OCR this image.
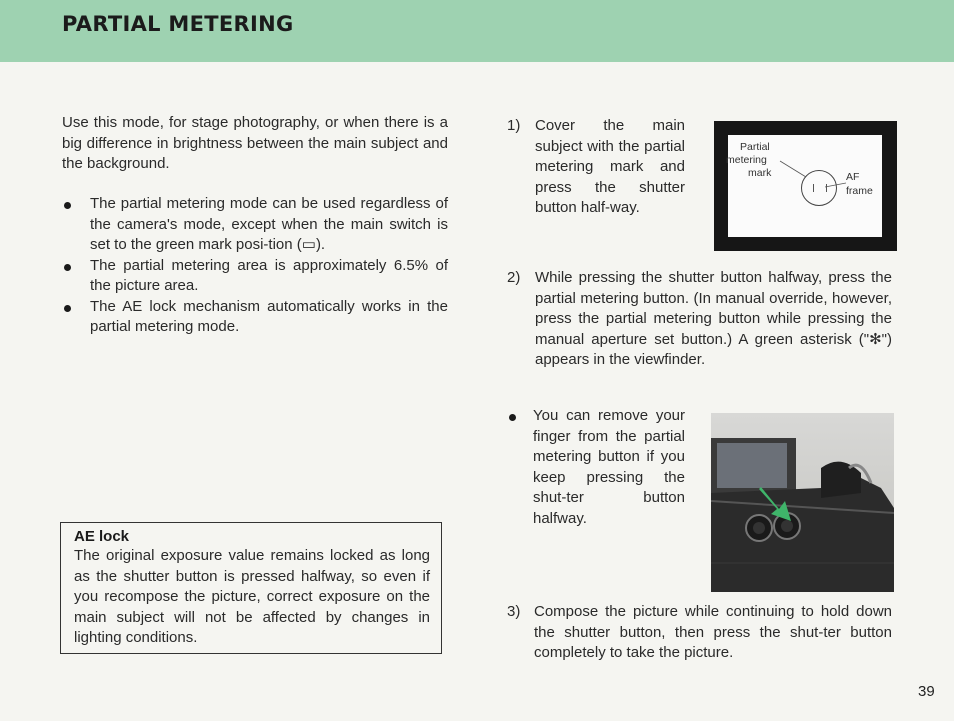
PARTIAL METERING

Use this mode, for stage photography, or when there is a big difference in brightness between the main subject and the background.

The partial metering mode can be used regardless of the camera's mode, except when the main switch is set to the green mark posi-tion (▭).
The partial metering area is approximately 6.5% of the picture area.
The AE lock mechanism automatically works in the partial metering mode.
AE lock
The original exposure value remains locked as long as the shutter button is pressed halfway, so even if you recompose the picture, correct exposure on the main subject will not be affected by changes in lighting conditions.
1) Cover the main subject with the partial metering mark and press the shutter button half-way.
Partial
metering
mark	AF
frame
2) While pressing the shutter button halfway, press the partial metering button. (In manual override, however, press the partial metering button while pressing the manual aperture set button.) A green asterisk ("✻") appears in the viewfinder.
You can remove your finger from the partial metering button if you keep pressing the shut-ter button halfway.
3) Compose the picture while continuing to hold down the shutter button, then press the shut-ter button completely to take the picture.
39
